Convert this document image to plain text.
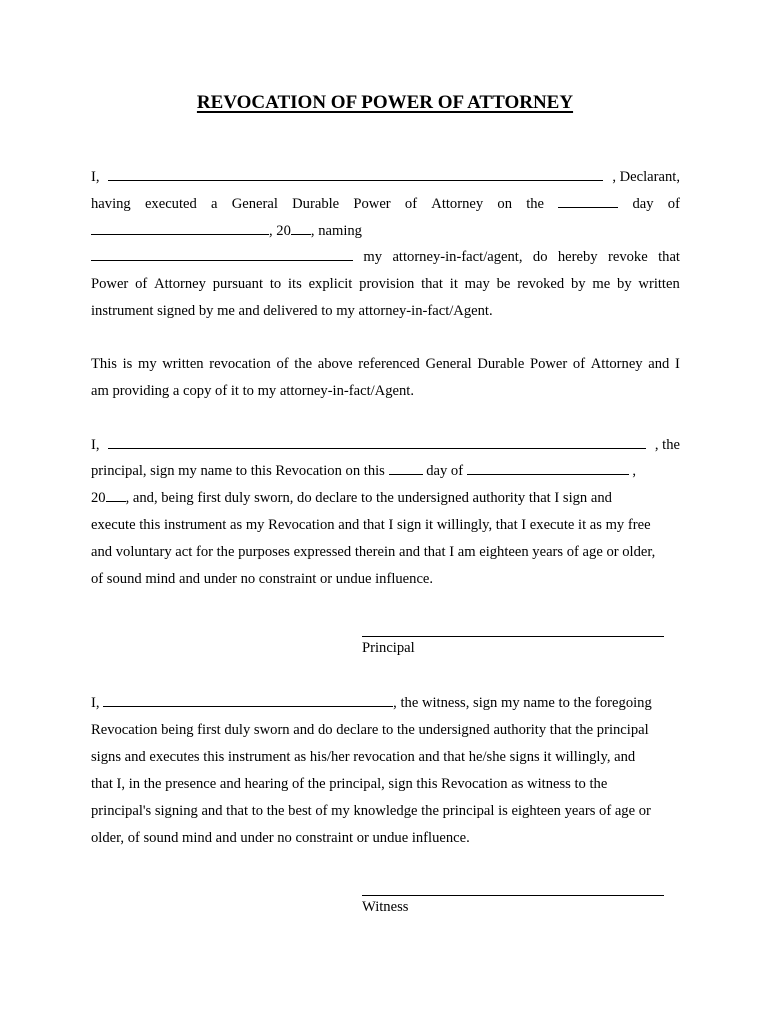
REVOCATION OF POWER OF ATTORNEY
I,	, Declarant,
having executed a General Durable Power of Attorney on the	day of
, 20 , naming
my attorney-in-fact/agent, do hereby revoke that
Power of Attorney pursuant to its explicit provision that it may be revoked by me by written
instrument signed by me and delivered to my attorney-in-fact/Agent.
This is my written revocation of the above referenced General Durable Power of Attorney and I
am providing a copy of it to my attorney-in-fact/Agent.
I,	, the
principal, sign my name to this Revocation on this	day of	,
20 , and, being first duly sworn, do declare to the undersigned authority that I sign and
execute this instrument as my Revocation and that I sign it willingly, that I execute it as my free
and voluntary act for the purposes expressed therein and that I am eighteen years of age or older,
of sound mind and under no constraint or undue influence.
Principal
I,	, the witness, sign my name to the foregoing
Revocation being first duly sworn and do declare to the undersigned authority that the principal
signs and executes this instrument as his/her revocation and that he/she signs it willingly, and
that I, in the presence and hearing of the principal, sign this Revocation as witness to the
principal's signing and that to the best of my knowledge the principal is eighteen years of age or
older, of sound mind and under no constraint or undue influence.
Witness
